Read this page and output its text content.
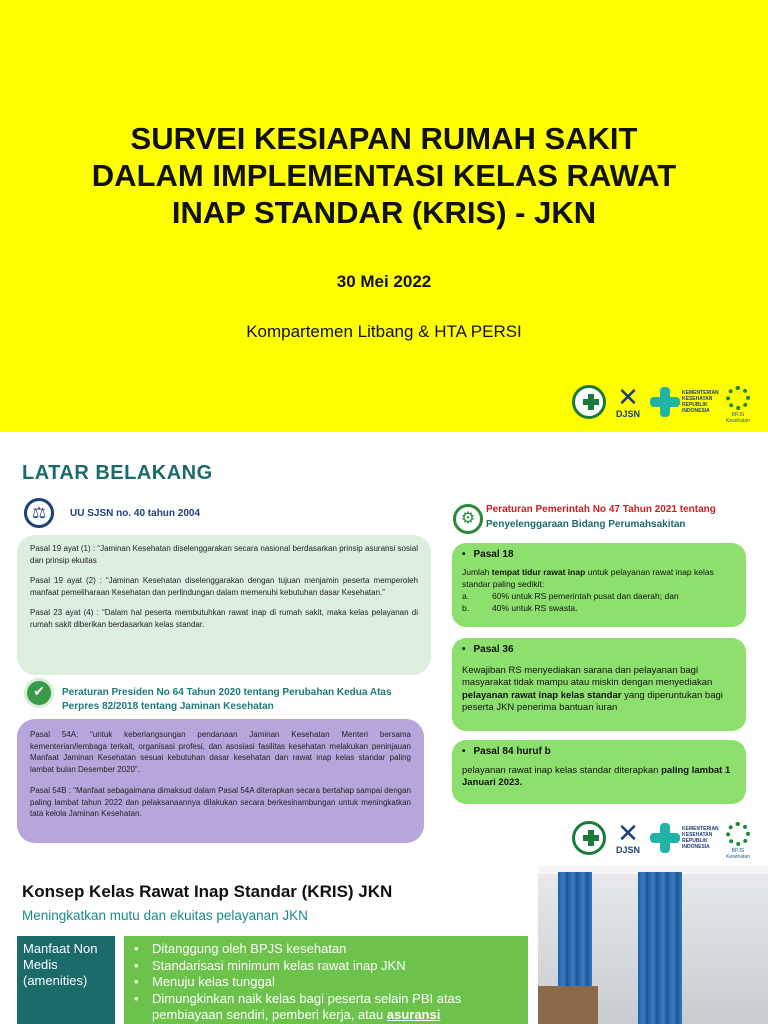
SURVEI KESIAPAN RUMAH SAKIT
DALAM IMPLEMENTASI KELAS RAWAT
INAP STANDAR (KRIS) - JKN
30 Mei 2022
Kompartemen Litbang & HTA PERSI
✕
DJSN
KEMENTERIAN KESEHATAN REPUBLIK INDONESIA
BPJS Kesehatan
LATAR BELAKANG
⚖
UU SJSN no. 40 tahun 2004

Pasal 19 ayat (1) : “Jaminan Kesehatan diselenggarakan secara nasional berdasarkan prinsip asuransi sosial dan prinsip ekuitas

Pasal 19 ayat (2) : “Jaminan Kesehatan diselenggarakan dengan tujuan menjamin peserta memperoleh manfaat pemeliharaan Kesehatan dan perlindungan dalam memenuhi kebutuhan dasar Kesehatan.”

Pasal 23 ayat (4) : “Dalam hal peserta membutuhkan rawat inap di rumah sakit, maka kelas pelayanan di rumah sakit diberikan berdasarkan kelas standar.

✔
Peraturan Presiden No 64 Tahun 2020 tentang Perubahan Kedua Atas Perpres 82/2018 tentang Jaminan Kesehatan

Pasal 54A: “untuk keberlangsungan pendanaan Jaminan Kesehatan Menteri bersama kementerian/lembaga terkait, organisasi profesi, dan asosiasi fasilitas kesehatan melakukan peninjauan Manfaat Jaminan Kesehatan sesuai kebutuhan dasar kesehatan dan rawat inap kelas standar paling lambat bulan Desember 2020”.

Pasal 54B : “Manfaat sebagaimana dimaksud dalam Pasal 54A diterapkan secara bertahap sampai dengan paling lambat tahun 2022 dan pelaksanaannya dilakukan secara berkesinambungan untuk meningkatkan tata kelola Jaminan Kesehatan.

⚙
Peraturan Pemerintah No 47 Tahun 2021 tentang
Penyelenggaraan Bidang Perumahsakitan
• Pasal 18
Jumlah tempat tidur rawat inap untuk pelayanan rawat inap kelas standar paling sedikit:
a.	60% untuk RS pemerintah pusat dan daerah; dan
b.	40% untuk RS swasta.
• Pasal 36
Kewajiban RS menyediakan sarana dan pelayanan bagi masyarakat tidak mampu atau miskin dengan menyediakan pelayanan rawat inap kelas standar yang diperuntukan bagi peserta JKN penerima bantuan iuran
• Pasal 84 huruf b
pelayanan rawat inap kelas standar diterapkan paling lambat 1 Januari 2023.
✕
DJSN
KEMENTERIAN KESEHATAN REPUBLIK INDONESIA
BPJS Kesehatan
Konsep Kelas Rawat Inap Standar (KRIS) JKN
Meningkatkan mutu dan ekuitas pelayanan JKN
Manfaat Non Medis (amenities)
• Ditanggung oleh BPJS kesehatan
• Standarisasi minimum kelas rawat inap JKN
• Menuju kelas tunggal
• Dimungkinkan naik kelas bagi peserta selain PBI atas
pembiayaan sendiri, pemberi kerja, atau asuransi
